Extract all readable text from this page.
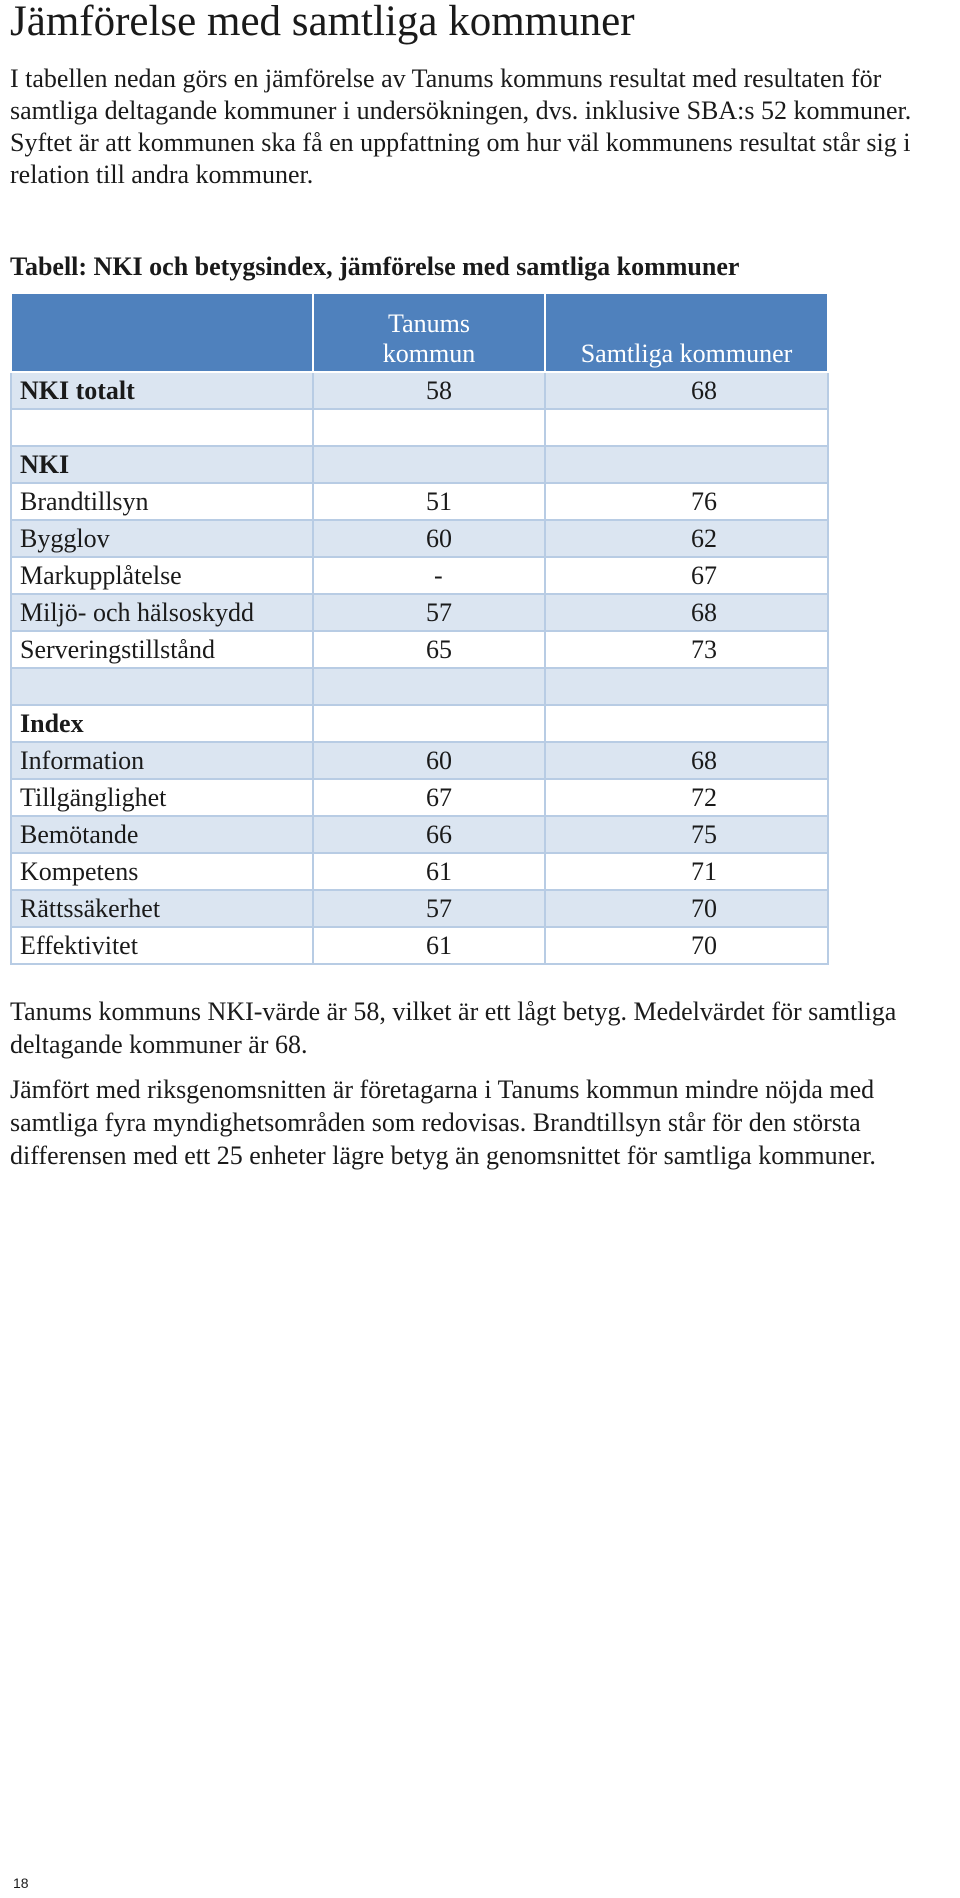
Jämförelse med samtliga kommuner

I tabellen nedan görs en jämförelse av Tanums kommuns resultat med resultaten för samtliga deltagande kommuner i undersökningen, dvs. inklusive SBA:s 52 kommuner. Syftet är att kommunen ska få en uppfattning om hur väl kommunens resultat står sig i relation till andra kommuner.

Tabell: NKI och betygsindex, jämförelse med samtliga kommuner
	Tanums kommun	Samtliga kommuner
NKI totalt	58	68

NKI		
Brandtillsyn	51	76
Bygglov	60	62
Markupplåtelse	-	67
Miljö- och hälsoskydd	57	68
Serveringstillstånd	65	73

Index		
Information	60	68
Tillgänglighet	67	72
Bemötande	66	75
Kompetens	61	71
Rättssäkerhet	57	70
Effektivitet	61	70

Tanums kommuns NKI-värde är 58, vilket är ett lågt betyg. Medelvärdet för samtliga deltagande kommuner är 68.

Jämfört med riksgenomsnitten är företagarna i Tanums kommun mindre nöjda med samtliga fyra myndighetsområden som redovisas. Brandtillsyn står för den största differensen med ett 25 enheter lägre betyg än genomsnittet för samtliga kommuner.

18
